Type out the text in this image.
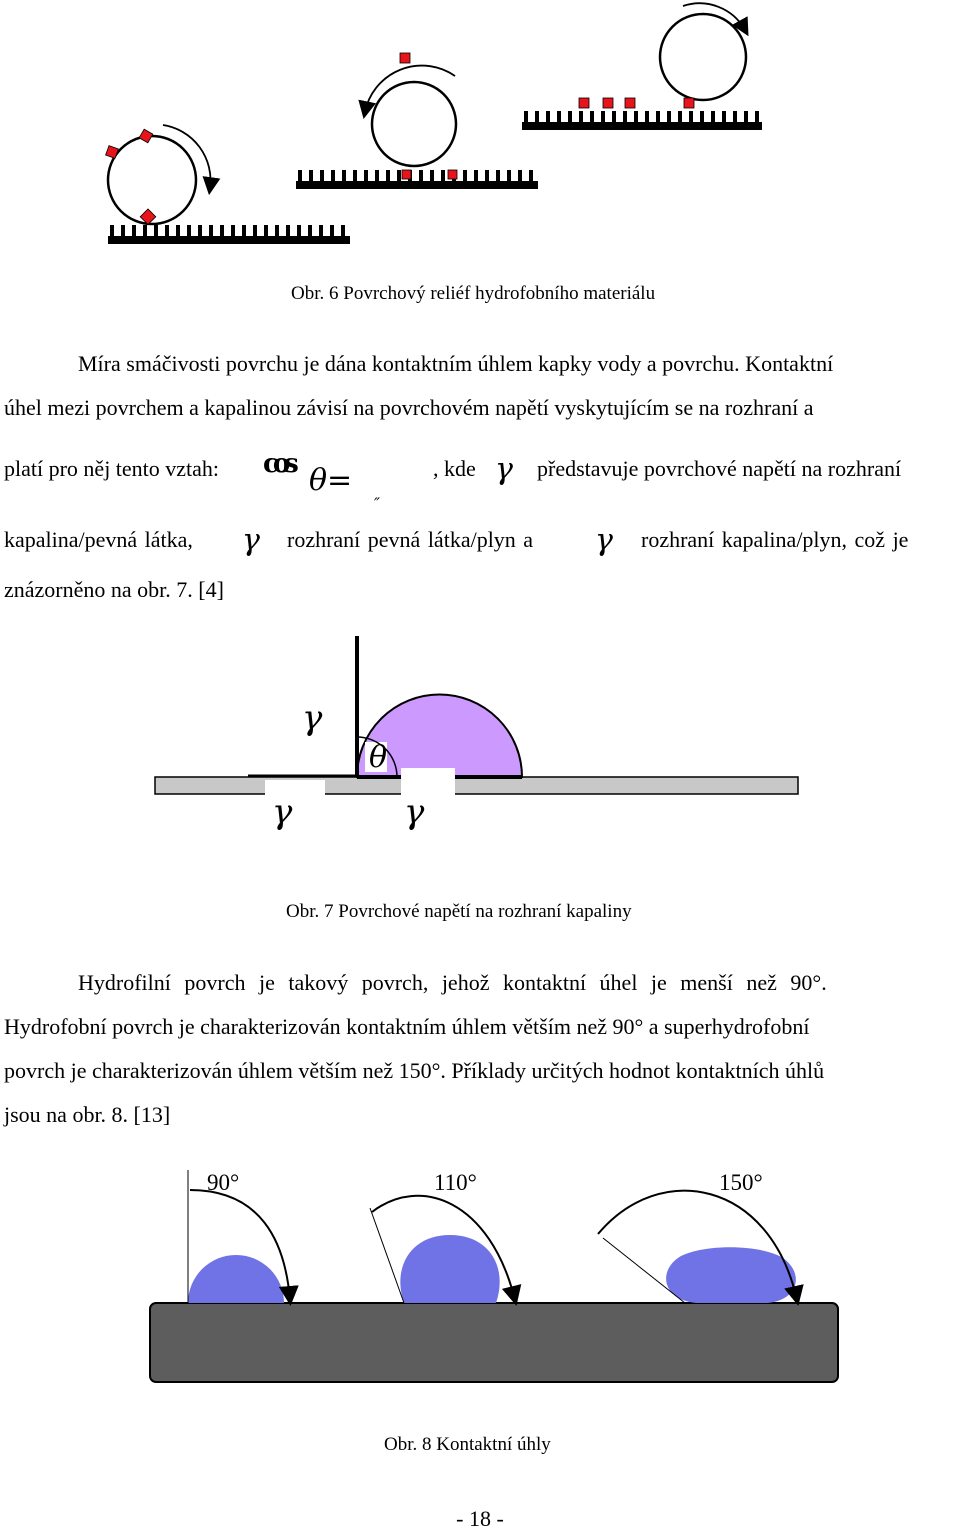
Obr. 6 Povrchový reliéf hydrofobního materiálu
Míra smáčivosti povrchu je dána kontaktním úhlem kapky vody a povrchu. Kontaktní
úhel mezi povrchem a kapalinou závisí na povrchovém napětí vyskytujícím se na rozhraní a
platí pro něj tento vztah: cos θ=
″
, kde γ představuje povrchové napětí na rozhraní
kapalina/pevná látka, γ rozhraní pevná látka/plyn a γ rozhraní kapalina/plyn, což je
znázorněno na obr. 7. [4]
γ
θ
γ	γ
Obr. 7 Povrchové napětí na rozhraní kapaliny
Hydrofilní povrch je takový povrch, jehož kontaktní úhel je menší než 90°.
Hydrofobní povrch je charakterizován kontaktním úhlem větším než 90° a superhydrofobní
povrch je charakterizován úhlem větším než 150°. Příklady určitých hodnot kontaktních úhlů
jsou na obr. 8. [13]
90°	110°	150°
Obr. 8 Kontaktní úhly
- 18 -
